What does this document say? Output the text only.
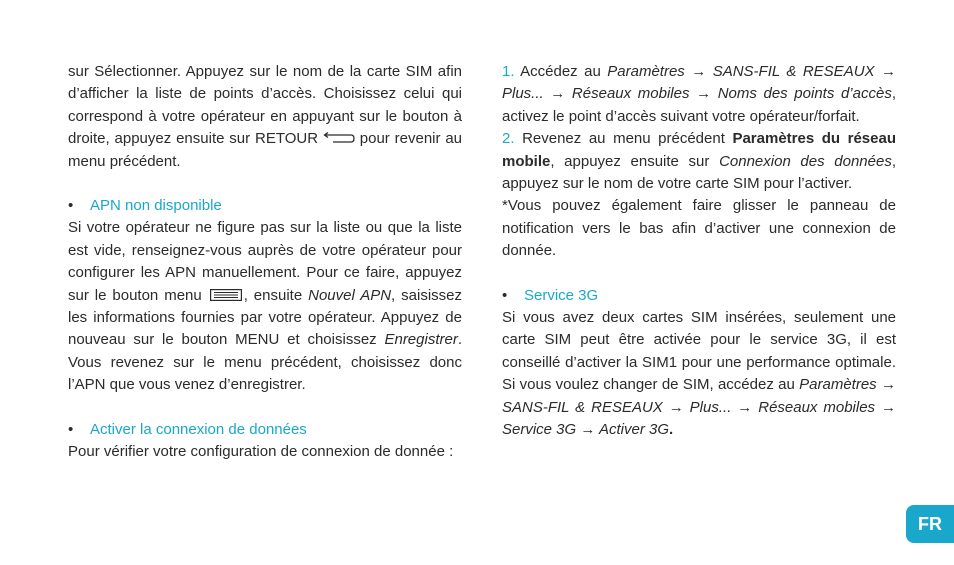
sur Sélectionner. Appuyez sur le nom de la carte SIM afin d’afficher la liste de points d’accès. Choisissez celui qui correspond à votre opérateur en appuyant sur le bouton à droite, appuyez ensuite sur RETOUR  pour revenir au menu précédent.

• APN non disponible

Si votre opérateur ne figure pas sur la liste ou que la liste est vide, renseignez-vous auprès de votre opérateur pour configurer les APN manuellement. Pour ce faire, appuyez sur le bouton menu	, ensuite Nouvel APN, saisissez les informations fournies par votre opérateur. Appuyez de nouveau sur le bouton MENU et choisissez Enregistrer. Vous revenez sur le menu précédent, choisissez donc l’APN que vous venez d’enregistrer.

• Activer la connexion de données

Pour vérifier votre configuration de connexion de donnée :

1. Accédez au Paramètres → SANS-FIL & RESEAUX → Plus... → Réseaux mobiles → Noms des points d’accès, activez le point d’accès suivant votre opérateur/forfait.

2. Revenez au menu précédent Paramètres du réseau mobile, appuyez ensuite sur Connexion des données, appuyez sur le nom de votre carte SIM pour l’activer.

*Vous pouvez également faire glisser le panneau de notification vers le bas afin d’activer une connexion de donnée.

• Service 3G

Si vous avez deux cartes SIM insérées, seulement une carte SIM peut être activée pour le service 3G, il est conseillé d’activer la SIM1 pour une performance optimale. Si vous voulez changer de SIM, accédez au Paramètres → SANS-FIL & RESEAUX → Plus... → Réseaux mobiles → Service 3G → Activer 3G.

FR
